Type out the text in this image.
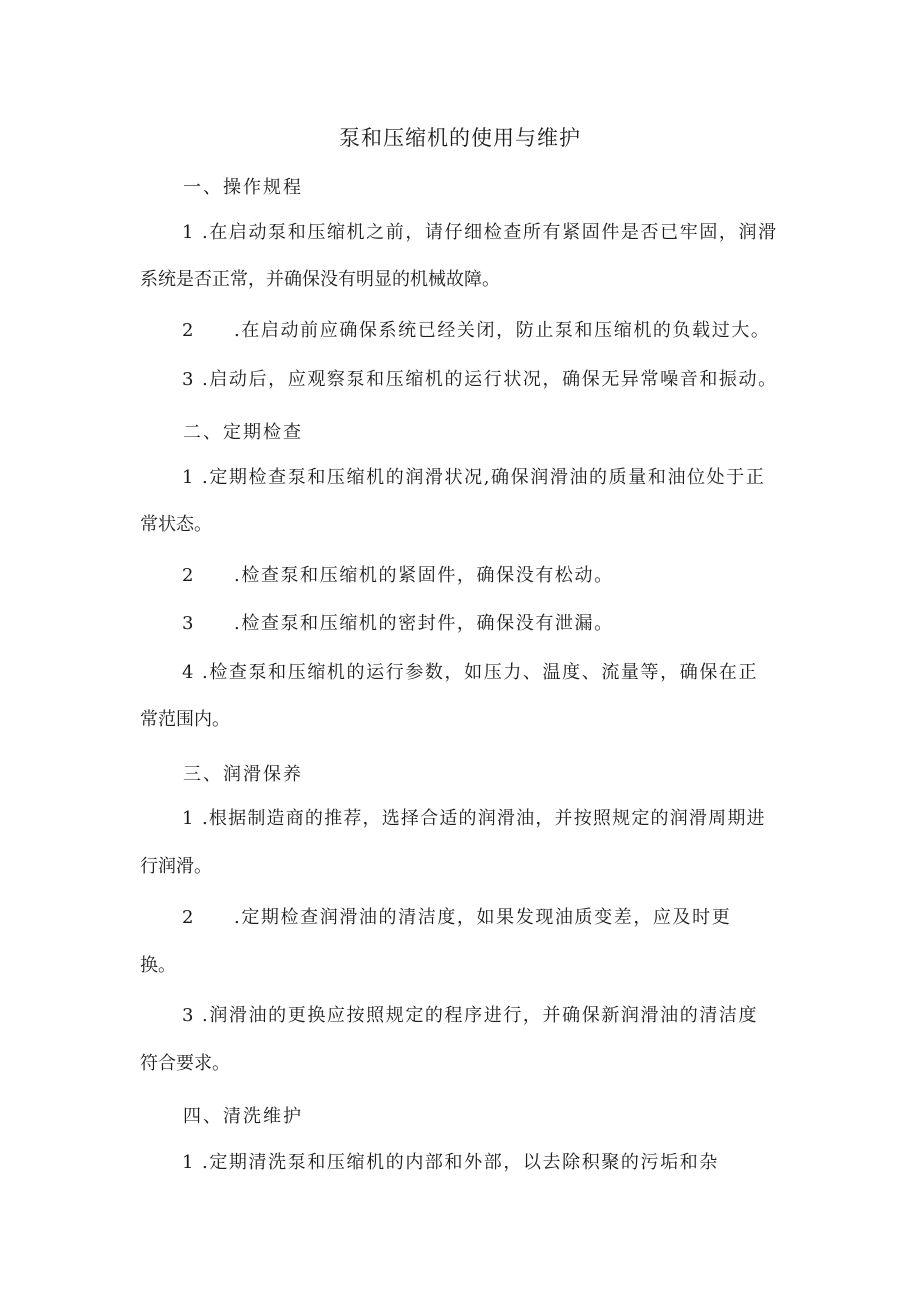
泵和压缩机的使用与维护
一、操作规程
1 .在启动泵和压缩机之前，请仔细检查所有紧固件是否已牢固，润滑
系统是否正常，并确保没有明显的机械故障。
2 .在启动前应确保系统已经关闭，防止泵和压缩机的负载过大。
3 .启动后，应观察泵和压缩机的运行状况，确保无异常噪音和振动。
二、定期检查
1 .定期检查泵和压缩机的润滑状况,确保润滑油的质量和油位处于正
常状态。
2 .检查泵和压缩机的紧固件，确保没有松动。
3 .检查泵和压缩机的密封件，确保没有泄漏。
4 .检查泵和压缩机的运行参数，如压力、温度、流量等，确保在正
常范围内。
三、润滑保养
1 .根据制造商的推荐，选择合适的润滑油，并按照规定的润滑周期进
行润滑。
2 .定期检查润滑油的清洁度，如果发现油质变差，应及时更
换。
3 .润滑油的更换应按照规定的程序进行，并确保新润滑油的清洁度
符合要求。
四、清洗维护
1 .定期清洗泵和压缩机的内部和外部，以去除积聚的污垢和杂
